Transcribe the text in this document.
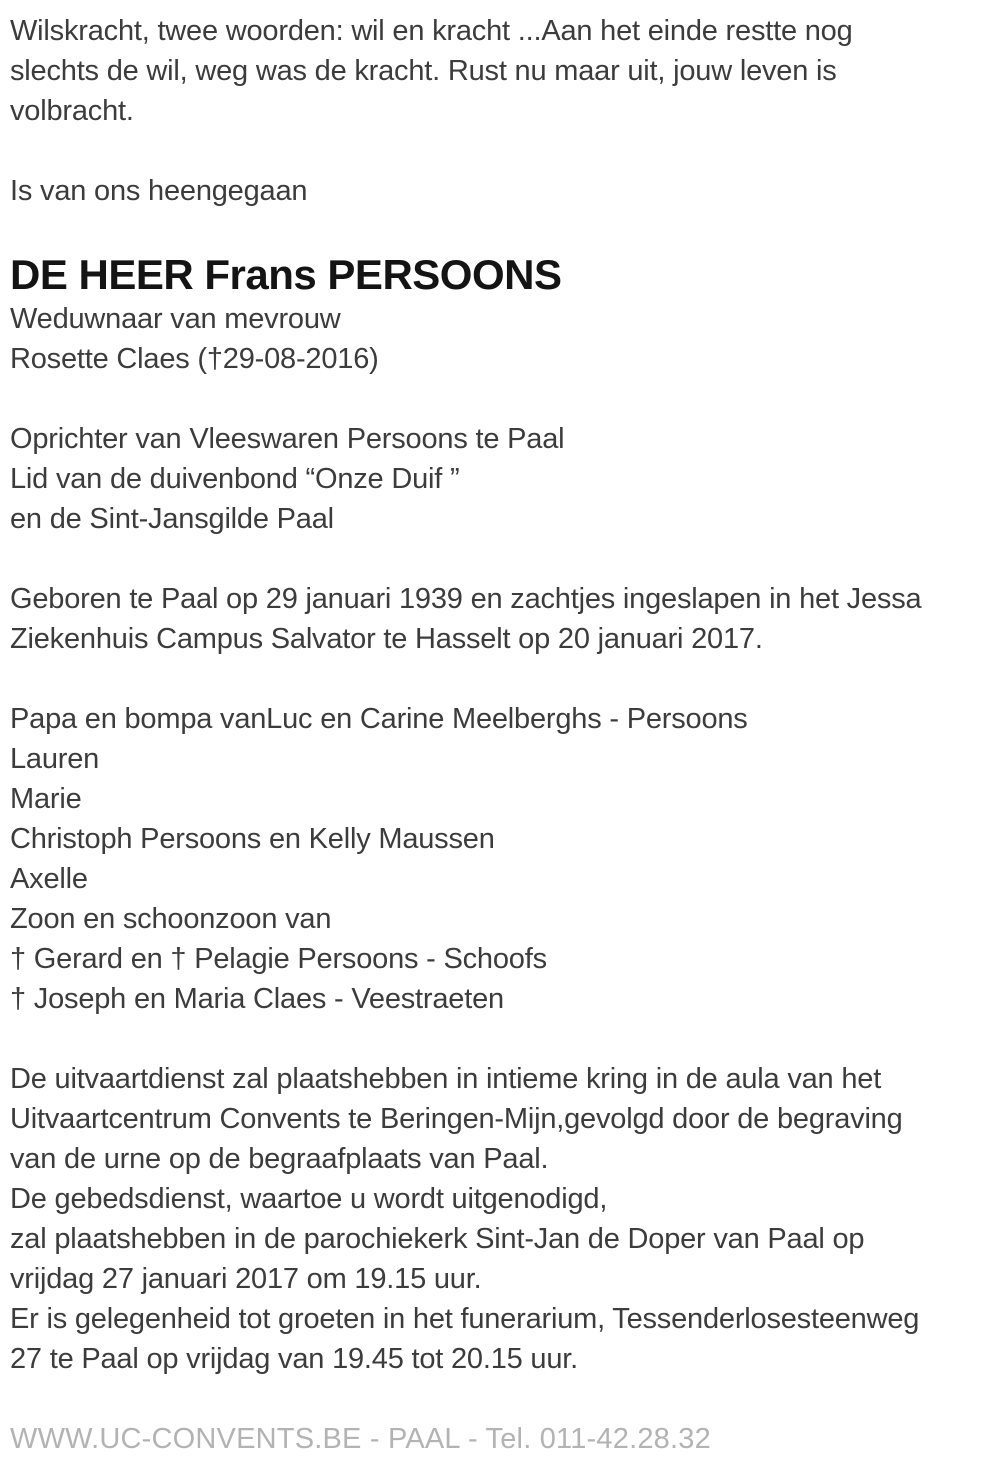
Wilskracht, twee woorden: wil en kracht ...Aan het einde restte nog
slechts de wil, weg was de kracht. Rust nu maar uit, jouw leven is
volbracht.
Is van ons heengegaan
DE HEER Frans PERSOONS
Weduwnaar van mevrouw
Rosette Claes (†29-08-2016)
Oprichter van Vleeswaren Persoons te Paal
Lid van de duivenbond “Onze Duif ”
en de Sint-Jansgilde Paal
Geboren te Paal op 29 januari 1939 en zachtjes ingeslapen in het Jessa
Ziekenhuis Campus Salvator te Hasselt op 20 januari 2017.
Papa en bompa vanLuc en Carine Meelberghs - Persoons
Lauren
Marie
Christoph Persoons en Kelly Maussen
Axelle
Zoon en schoonzoon van
† Gerard en † Pelagie Persoons - Schoofs
† Joseph en Maria Claes - Veestraeten
De uitvaartdienst zal plaatshebben in intieme kring in de aula van het
Uitvaartcentrum Convents te Beringen-Mijn,gevolgd door de begraving
van de urne op de begraafplaats van Paal.
De gebedsdienst, waartoe u wordt uitgenodigd,
zal plaatshebben in de parochiekerk Sint-Jan de Doper van Paal op
vrijdag 27 januari 2017 om 19.15 uur.
Er is gelegenheid tot groeten in het funerarium, Tessenderlosesteenweg
27 te Paal op vrijdag van 19.45 tot 20.15 uur.
WWW.UC-CONVENTS.BE - PAAL - Tel. 011-42.28.32
